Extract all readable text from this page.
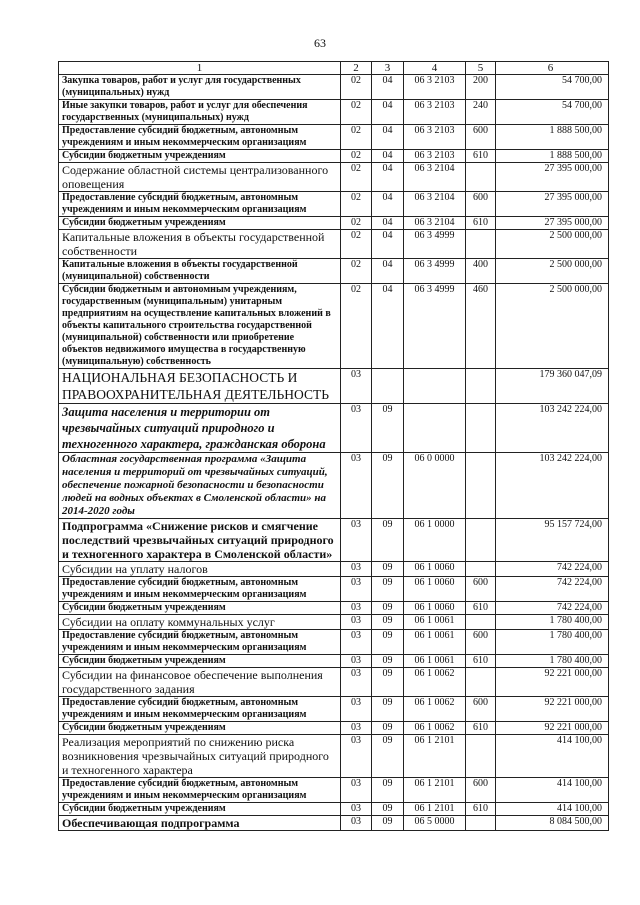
63
1	2	3	4	5	6
Закупка товаров, работ и услуг для государственных (муниципальных) нужд	02	04	06 3 2103	200	54 700,00
Иные закупки товаров, работ и услуг для обеспечения государственных (муниципальных) нужд	02	04	06 3 2103	240	54 700,00
Предоставление субсидий бюджетным, автономным учреждениям и иным некоммерческим организациям	02	04	06 3 2103	600	1 888 500,00
Субсидии бюджетным учреждениям	02	04	06 3 2103	610	1 888 500,00
Содержание областной системы централизованного оповещения	02	04	06 3 2104		27 395 000,00
Предоставление субсидий бюджетным, автономным учреждениям и иным некоммерческим организациям	02	04	06 3 2104	600	27 395 000,00
Субсидии бюджетным учреждениям	02	04	06 3 2104	610	27 395 000,00
Капитальные вложения в объекты государственной собственности	02	04	06 3 4999		2 500 000,00
Капитальные вложения в объекты государственной (муниципальной) собственности	02	04	06 3 4999	400	2 500 000,00
Субсидии бюджетным и автономным учреждениям, государственным (муниципальным) унитарным предприятиям на осуществление капитальных вложений в объекты капитального строительства государственной (муниципальной) собственности или приобретение объектов недвижимого имущества в государственную (муниципальную) собственность	02	04	06 3 4999	460	2 500 000,00
НАЦИОНАЛЬНАЯ БЕЗОПАСНОСТЬ И ПРАВООХРАНИТЕЛЬНАЯ ДЕЯТЕЛЬНОСТЬ	03				179 360 047,09
Защита населения и территории от чрезвычайных ситуаций природного и техногенного характера, гражданская оборона	03	09			103 242 224,00
Областная государственная программа «Защита населения и территорий от чрезвычайных ситуаций, обеспечение пожарной безопасности и безопасности людей на водных объектах в Смоленской области» на 2014-2020 годы	03	09	06 0 0000		103 242 224,00
Подпрограмма «Снижение рисков и смягчение последствий чрезвычайных ситуаций природного и техногенного характера в Смоленской области»	03	09	06 1 0000		95 157 724,00
Субсидии на уплату налогов	03	09	06 1 0060		742 224,00
Предоставление субсидий бюджетным, автономным учреждениям и иным некоммерческим организациям	03	09	06 1 0060	600	742 224,00
Субсидии бюджетным учреждениям	03	09	06 1 0060	610	742 224,00
Субсидии на оплату коммунальных услуг	03	09	06 1 0061		1 780 400,00
Предоставление субсидий бюджетным, автономным учреждениям и иным некоммерческим организациям	03	09	06 1 0061	600	1 780 400,00
Субсидии бюджетным учреждениям	03	09	06 1 0061	610	1 780 400,00
Субсидии на финансовое обеспечение выполнения государственного задания	03	09	06 1 0062		92 221 000,00
Предоставление субсидий бюджетным, автономным учреждениям и иным некоммерческим организациям	03	09	06 1 0062	600	92 221 000,00
Субсидии бюджетным учреждениям	03	09	06 1 0062	610	92 221 000,00
Реализация мероприятий по снижению риска возникновения чрезвычайных ситуаций природного и техногенного характера	03	09	06 1 2101		414 100,00
Предоставление субсидий бюджетным, автономным учреждениям и иным некоммерческим организациям	03	09	06 1 2101	600	414 100,00
Субсидии бюджетным учреждениям	03	09	06 1 2101	610	414 100,00
Обеспечивающая подпрограмма	03	09	06 5 0000		8 084 500,00
